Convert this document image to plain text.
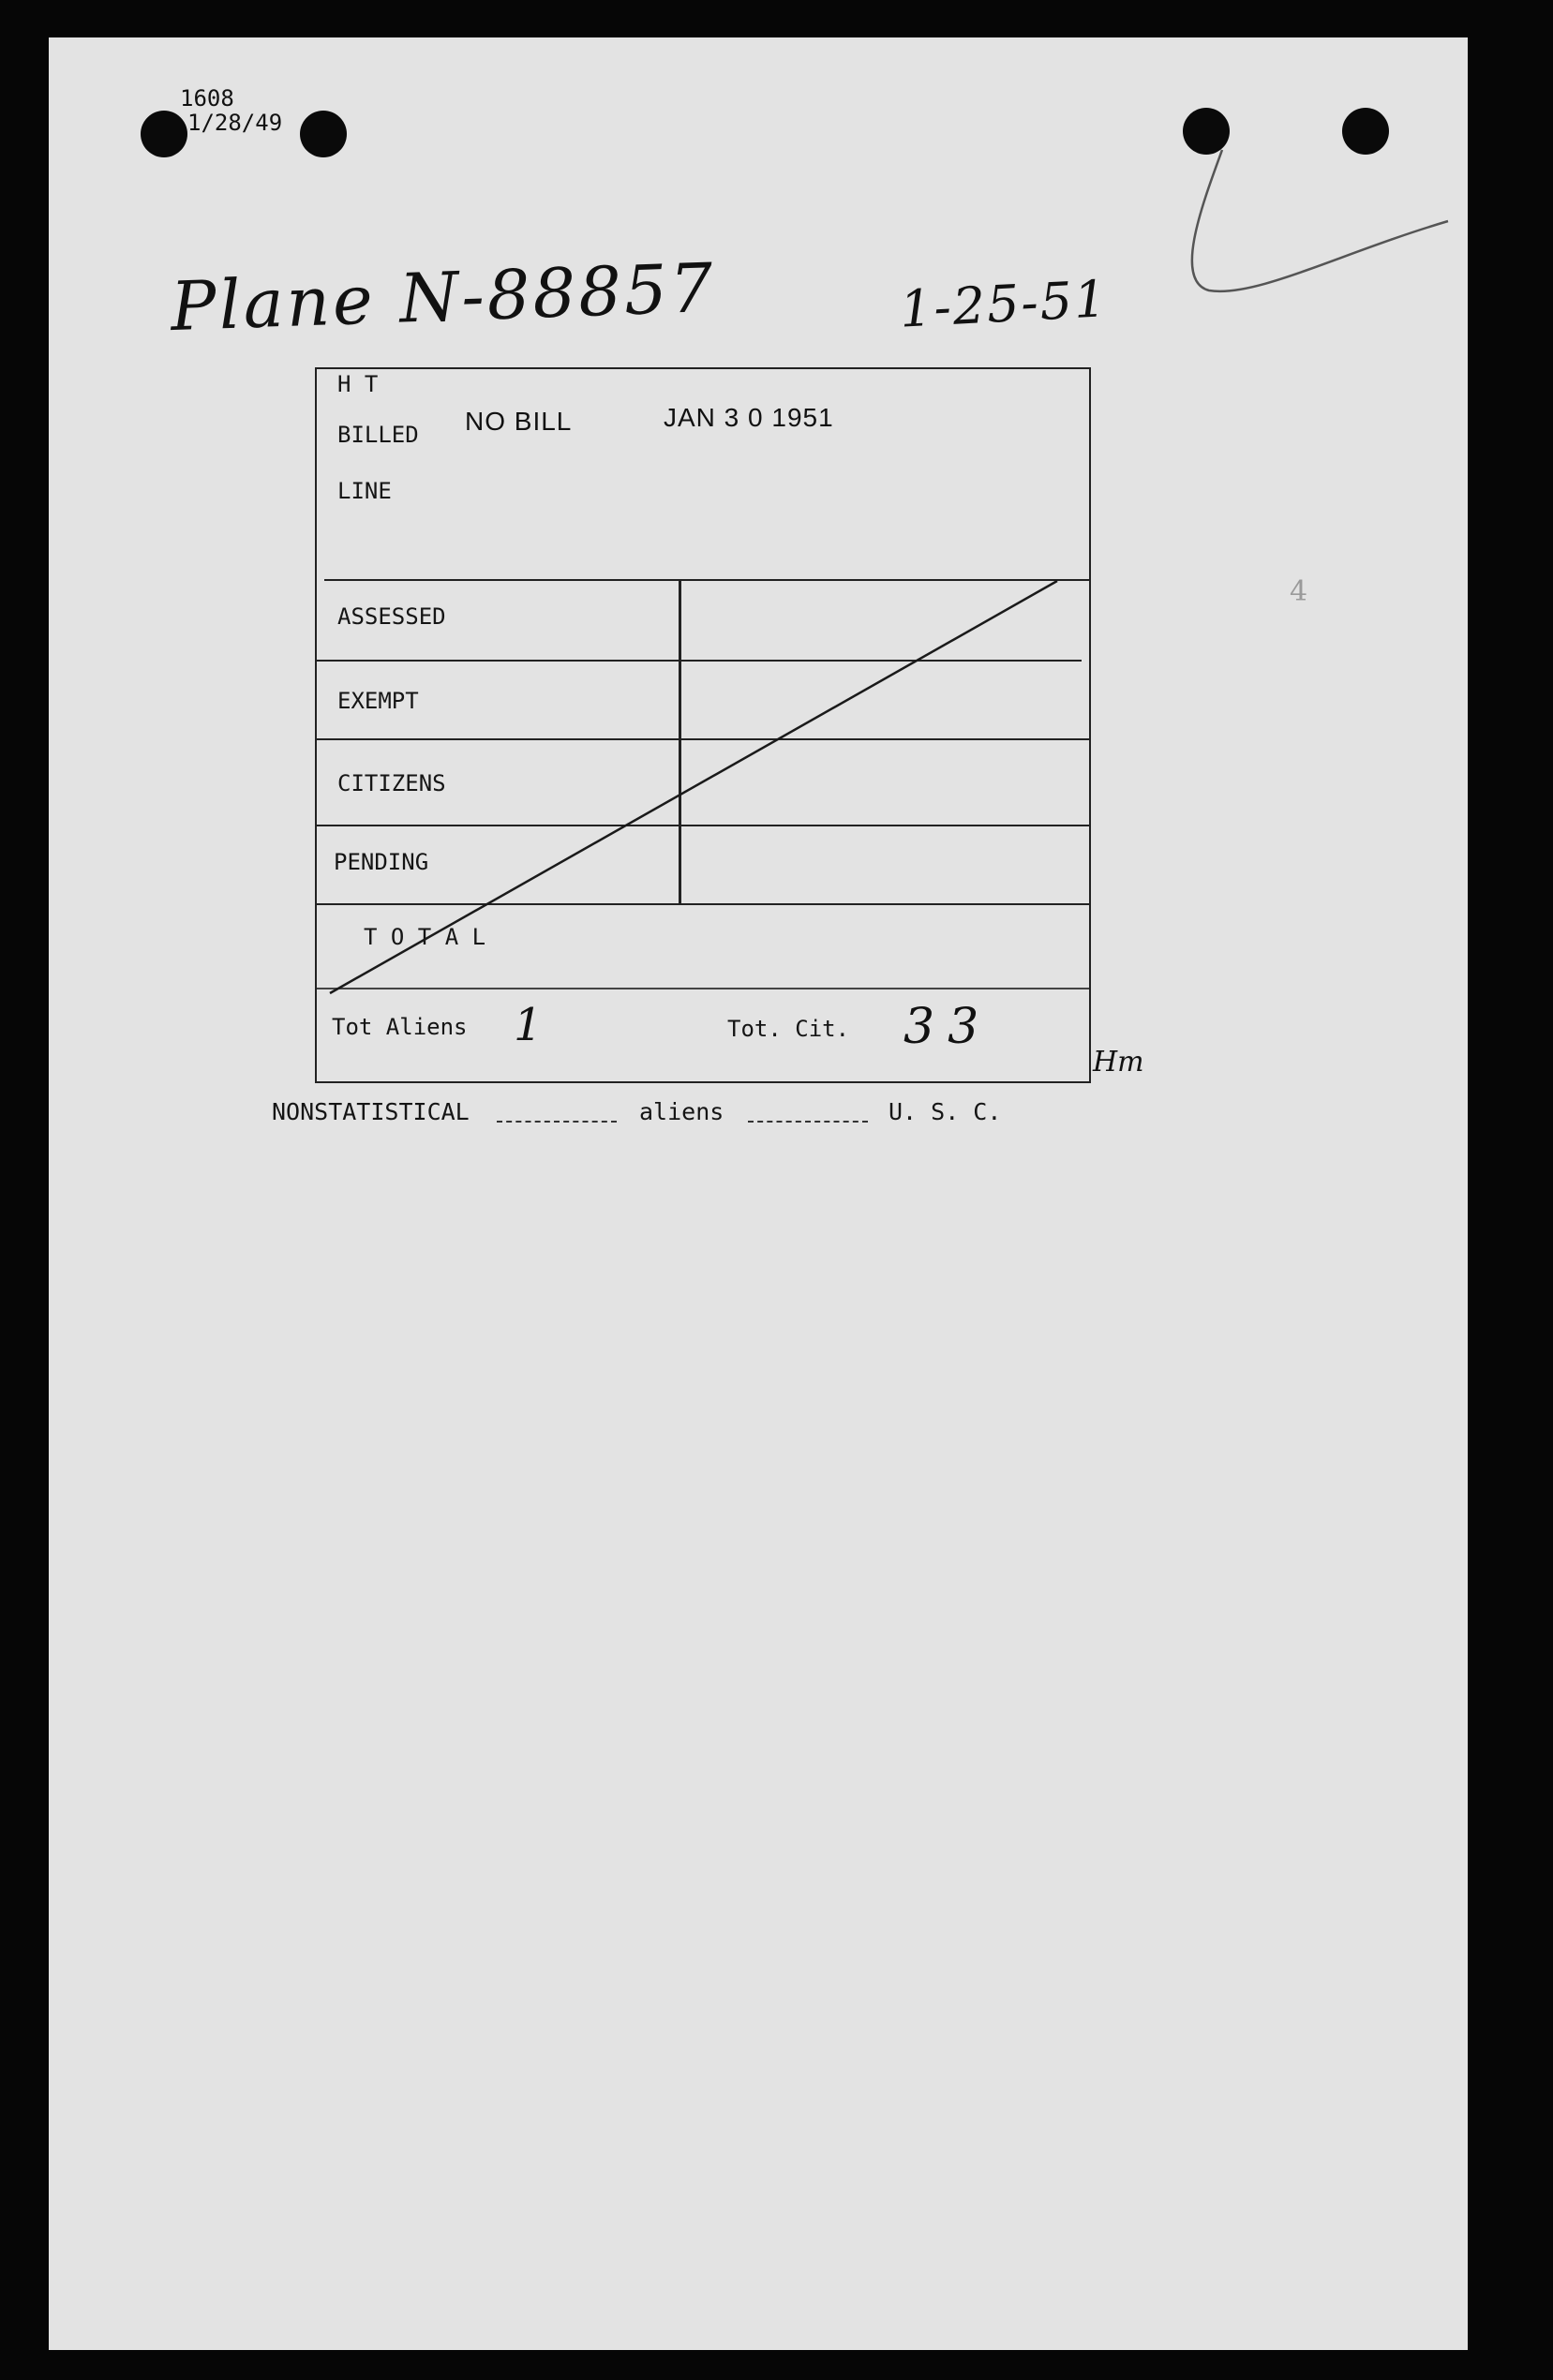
1608
1/28/49
Plane N-88857	1-25-51
4
H T
BILLED NO BILL	JAN 3 0 1951
LINE
ASSESSED
EXEMPT
CITIZENS
PENDING
T O T A L
Tot Aliens 1	Tot. Cit. 33
Hm
NONSTATISTICAL	aliens	U. S. C.
